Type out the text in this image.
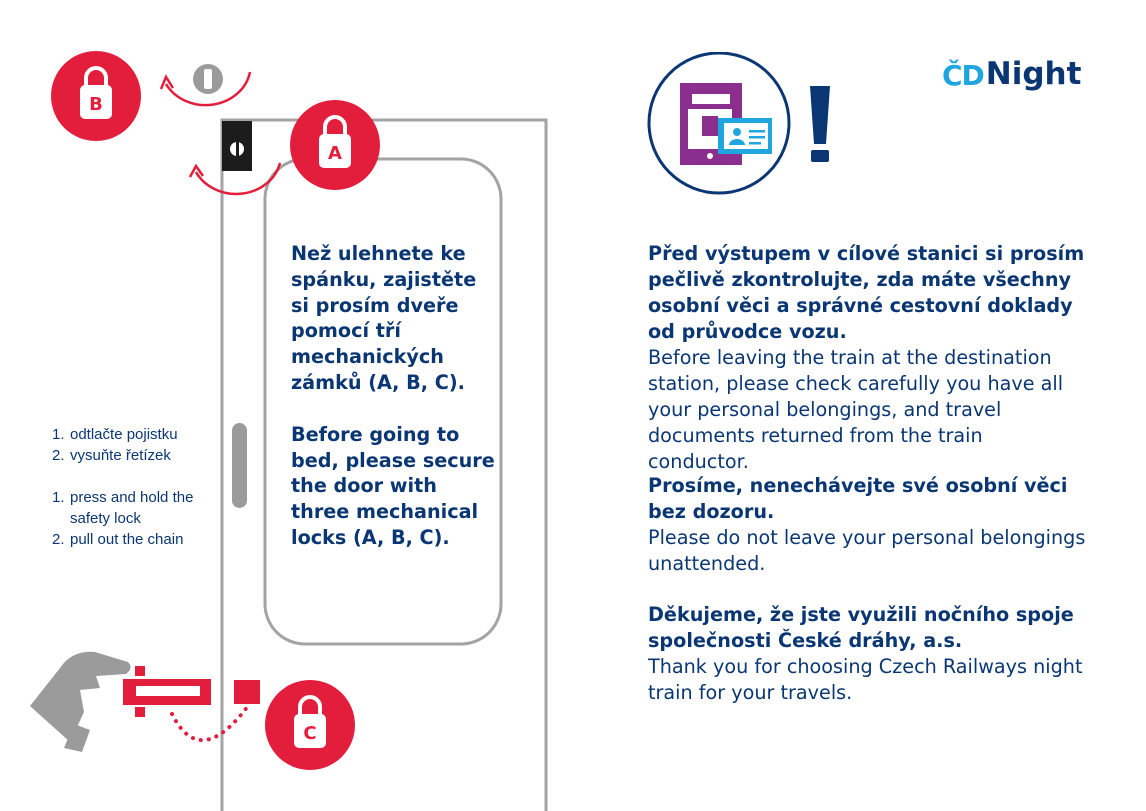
ČD Night
B
A
C

Než ulehnete ke spánku, zajistěte si prosím dveře pomocí tří mechanických zámků (A, B, C).

Before going to bed, please secure the door with three mechanical locks (A, B, C).

1. odtlačte pojistku
2. vysuňte řetízek
1. press and hold the safety lock
2. pull out the chain
Před výstupem v cílové stanici si prosím pečlivě zkontrolujte, zda máte všechny osobní věci a správné cestovní doklady od průvodce vozu.
Before leaving the train at the destination station, please check carefully you have all your personal belongings, and travel documents returned from the train conductor.
Prosíme, nenechávejte své osobní věci bez dozoru.
Please do not leave your personal belongings unattended.
Děkujeme, že jste využili nočního spoje společnosti České dráhy, a.s.
Thank you for choosing Czech Railways night train for your travels.
